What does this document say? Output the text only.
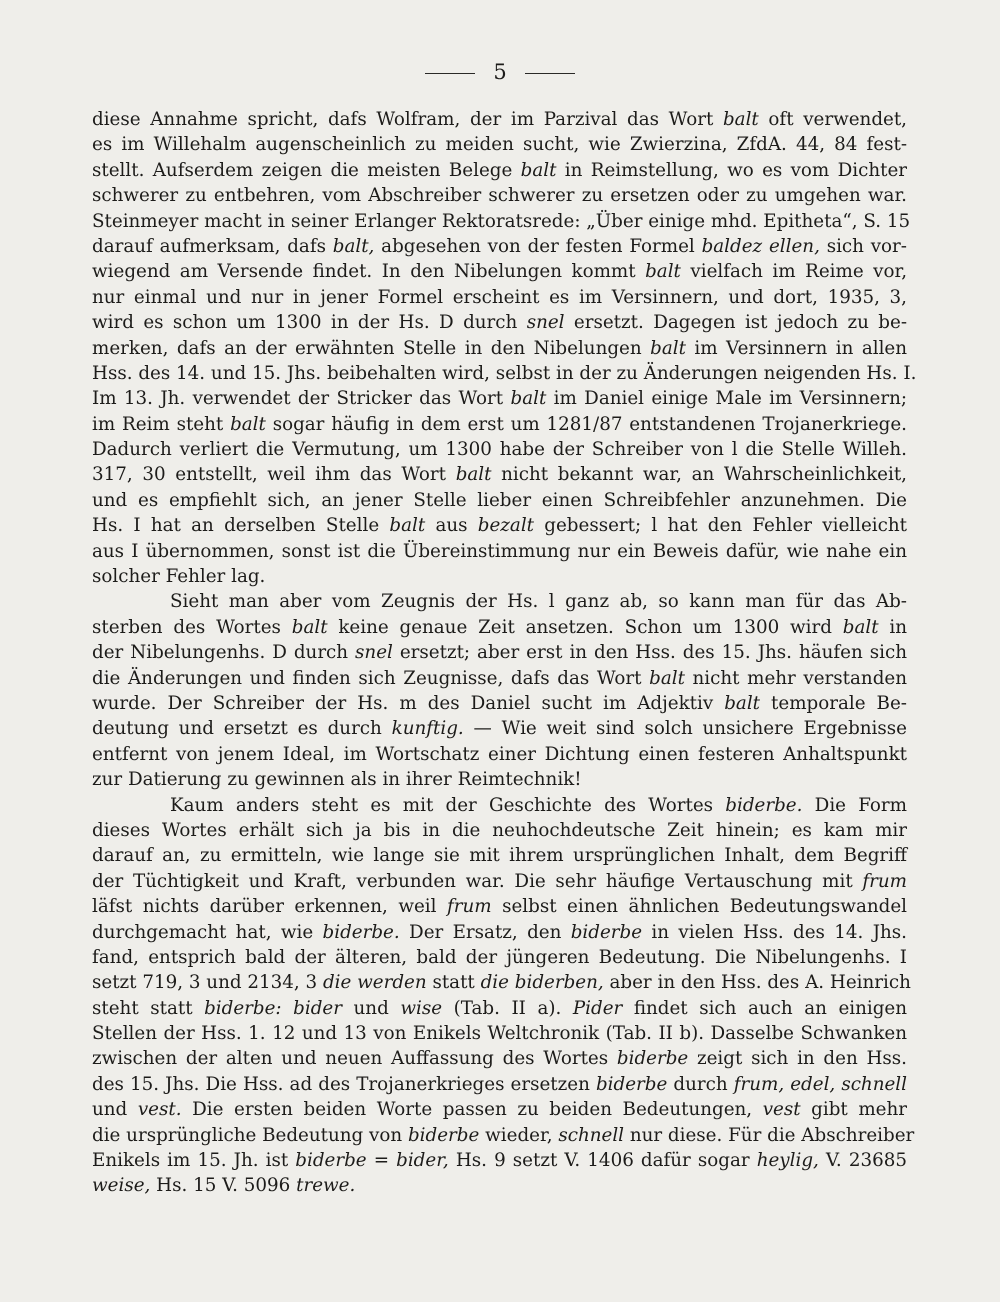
5
diese Annahme spricht, dafs Wolfram, der im Parzival das Wort balt oft verwendet,
es im Willehalm augenscheinlich zu meiden sucht, wie Zwierzina, ZfdA. 44, 84 fest-
stellt. Aufserdem zeigen die meisten Belege balt in Reimstellung, wo es vom Dichter
schwerer zu entbehren, vom Abschreiber schwerer zu ersetzen oder zu umgehen war.
Steinmeyer macht in seiner Erlanger Rektoratsrede: „Über einige mhd. Epitheta“, S. 15
darauf aufmerksam, dafs balt, abgesehen von der festen Formel baldez ellen, sich vor-
wiegend am Versende findet. In den Nibelungen kommt balt vielfach im Reime vor,
nur einmal und nur in jener Formel erscheint es im Versinnern, und dort, 1935, 3,
wird es schon um 1300 in der Hs. D durch snel ersetzt. Dagegen ist jedoch zu be-
merken, dafs an der erwähnten Stelle in den Nibelungen balt im Versinnern in allen
Hss. des 14. und 15. Jhs. beibehalten wird, selbst in der zu Änderungen neigenden Hs. I.
Im 13. Jh. verwendet der Stricker das Wort balt im Daniel einige Male im Versinnern;
im Reim steht balt sogar häufig in dem erst um 1281/87 entstandenen Trojanerkriege.
Dadurch verliert die Vermutung, um 1300 habe der Schreiber von l die Stelle Willeh.
317, 30 entstellt, weil ihm das Wort balt nicht bekannt war, an Wahrscheinlichkeit,
und es empfiehlt sich, an jener Stelle lieber einen Schreibfehler anzunehmen. Die
Hs. I hat an derselben Stelle balt aus bezalt gebessert; l hat den Fehler vielleicht
aus I übernommen, sonst ist die Übereinstimmung nur ein Beweis dafür, wie nahe ein
solcher Fehler lag.
Sieht man aber vom Zeugnis der Hs. l ganz ab, so kann man für das Ab-
sterben des Wortes balt keine genaue Zeit ansetzen. Schon um 1300 wird balt in
der Nibelungenhs. D durch snel ersetzt; aber erst in den Hss. des 15. Jhs. häufen sich
die Änderungen und finden sich Zeugnisse, dafs das Wort balt nicht mehr verstanden
wurde. Der Schreiber der Hs. m des Daniel sucht im Adjektiv balt temporale Be-
deutung und ersetzt es durch kunftig. — Wie weit sind solch unsichere Ergebnisse
entfernt von jenem Ideal, im Wortschatz einer Dichtung einen festeren Anhaltspunkt
zur Datierung zu gewinnen als in ihrer Reimtechnik!
Kaum anders steht es mit der Geschichte des Wortes biderbe. Die Form
dieses Wortes erhält sich ja bis in die neuhochdeutsche Zeit hinein; es kam mir
darauf an, zu ermitteln, wie lange sie mit ihrem ursprünglichen Inhalt, dem Begriff
der Tüchtigkeit und Kraft, verbunden war. Die sehr häufige Vertauschung mit frum
läfst nichts darüber erkennen, weil frum selbst einen ähnlichen Bedeutungswandel
durchgemacht hat, wie biderbe. Der Ersatz, den biderbe in vielen Hss. des 14. Jhs.
fand, entsprich bald der älteren, bald der jüngeren Bedeutung. Die Nibelungenhs. I
setzt 719, 3 und 2134, 3 die werden statt die biderben, aber in den Hss. des A. Heinrich
steht statt biderbe: bider und wise (Tab. II a). Pider findet sich auch an einigen
Stellen der Hss. 1. 12 und 13 von Enikels Weltchronik (Tab. II b). Dasselbe Schwanken
zwischen der alten und neuen Auffassung des Wortes biderbe zeigt sich in den Hss.
des 15. Jhs. Die Hss. ad des Trojanerkrieges ersetzen biderbe durch frum, edel, schnell
und vest. Die ersten beiden Worte passen zu beiden Bedeutungen, vest gibt mehr
die ursprüngliche Bedeutung von biderbe wieder, schnell nur diese. Für die Abschreiber
Enikels im 15. Jh. ist biderbe = bider, Hs. 9 setzt V. 1406 dafür sogar heylig, V. 23685
weise, Hs. 15 V. 5096 trewe.
